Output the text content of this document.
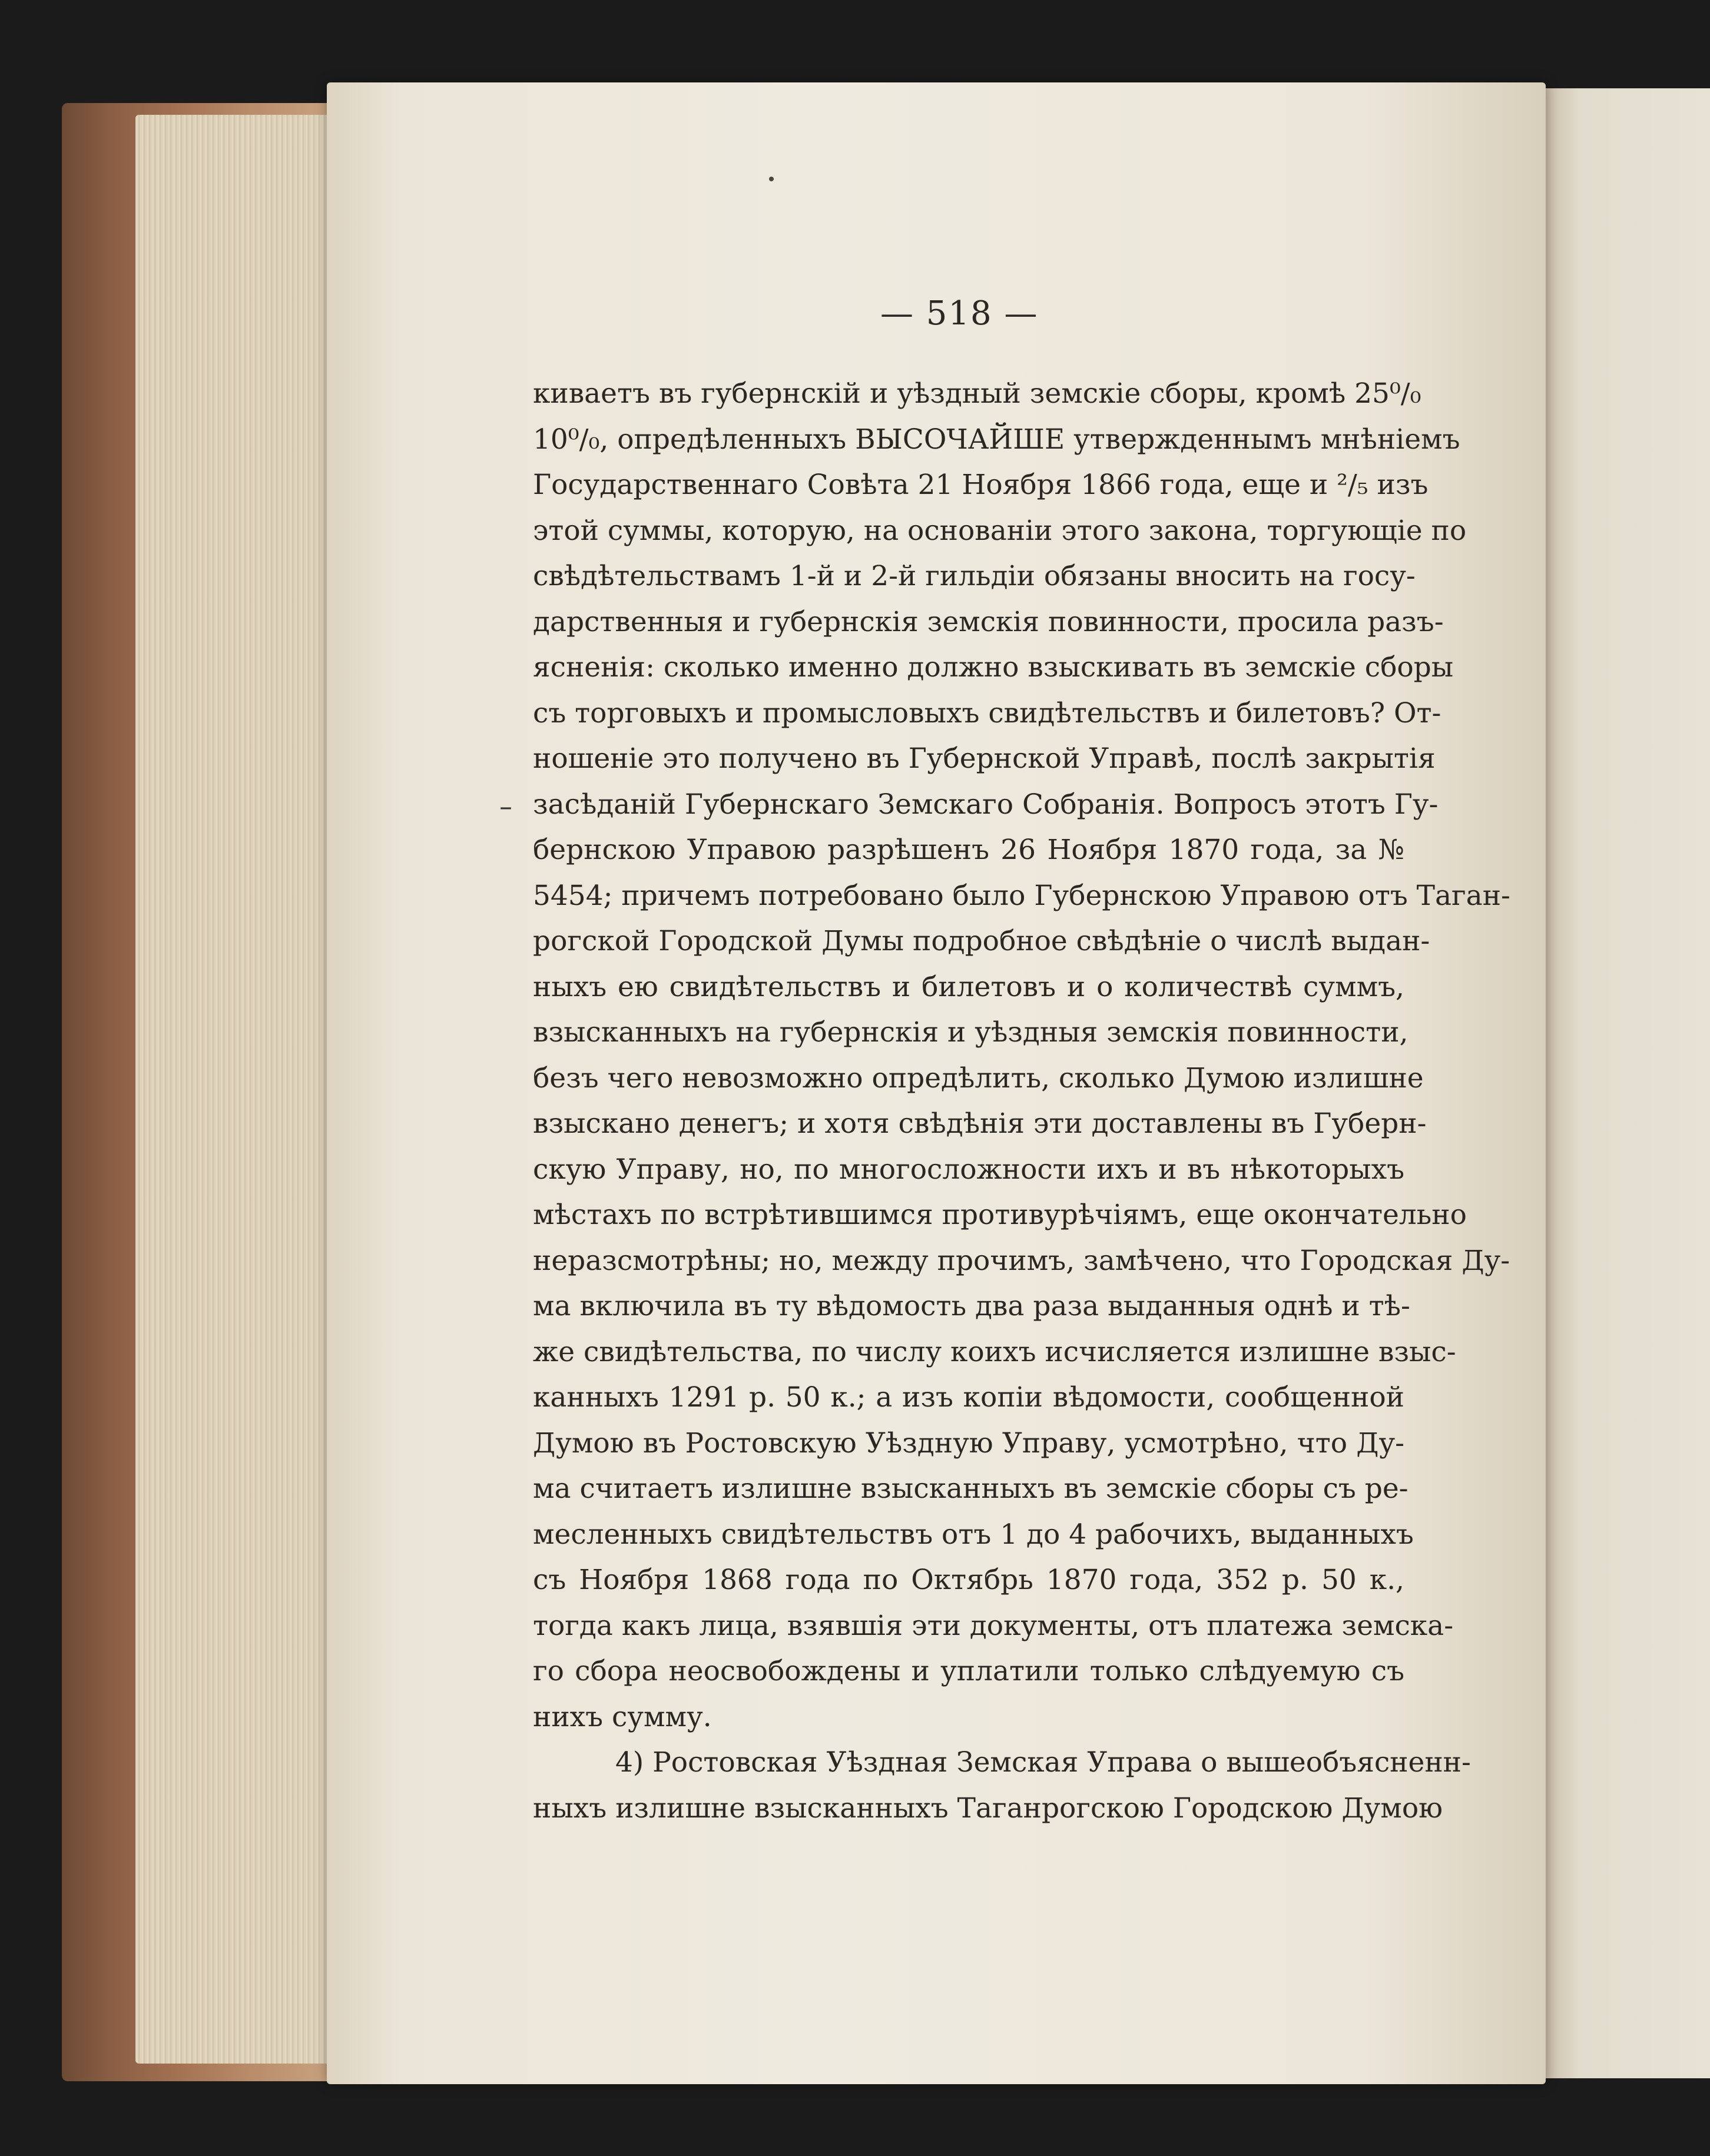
— 518 —
–
киваетъ въ губернскій и уѣздный земскіе сборы, кромѣ 25⁰/₀
10⁰/₀, опредѣленныхъ ВЫСОЧАЙШЕ утвержденнымъ мнѣніемъ
Государственнаго Совѣта 21 Ноября 1866 года, еще и ²/₅ изъ
этой суммы, которую, на основаніи этого закона, торгующіе по
свѣдѣтельствамъ 1-й и 2-й гильдіи обязаны вносить на госу-
дарственныя и губернскія земскія повинности, просила разъ-
ясненія: сколько именно должно взыскивать въ земскіе сборы
съ торговыхъ и промысловыхъ свидѣтельствъ и билетовъ? От-
ношеніе это получено въ Губернской Управѣ, послѣ закрытія
засѣданій Губернскаго Земскаго Собранія. Вопросъ этотъ Гу-
бернскою Управою разрѣшенъ 26 Ноября 1870 года, за №
5454; причемъ потребовано было Губернскою Управою отъ Таган-
рогской Городской Думы подробное свѣдѣніе о числѣ выдан-
ныхъ ею свидѣтельствъ и билетовъ и о количествѣ суммъ,
взысканныхъ на губернскія и уѣздныя земскія повинности,
безъ чего невозможно опредѣлить, сколько Думою излишне
взыскано денегъ; и хотя свѣдѣнія эти доставлены въ Губерн-
скую Управу, но, по многосложности ихъ и въ нѣкоторыхъ
мѣстахъ по встрѣтившимся противурѣчіямъ, еще окончательно
неразсмотрѣны; но, между прочимъ, замѣчено, что Городская Ду-
ма включила въ ту вѣдомость два раза выданныя однѣ и тѣ-
же свидѣтельства, по числу коихъ исчисляется излишне взыс-
канныхъ 1291 р. 50 к.; а изъ копіи вѣдомости, сообщенной
Думою въ Ростовскую Уѣздную Управу, усмотрѣно, что Ду-
ма считаетъ излишне взысканныхъ въ земскіе сборы съ ре-
месленныхъ свидѣтельствъ отъ 1 до 4 рабочихъ, выданныхъ
съ Ноября 1868 года по Октябрь 1870 года, 352 р. 50 к.,
тогда какъ лица, взявшія эти документы, отъ платежа земска-
го сбора неосвобождены и уплатили только слѣдуемую съ
нихъ сумму.
4) Ростовская Уѣздная Земская Управа о вышеобъясненн-
ныхъ излишне взысканныхъ Таганрогскою Городскою Думою
